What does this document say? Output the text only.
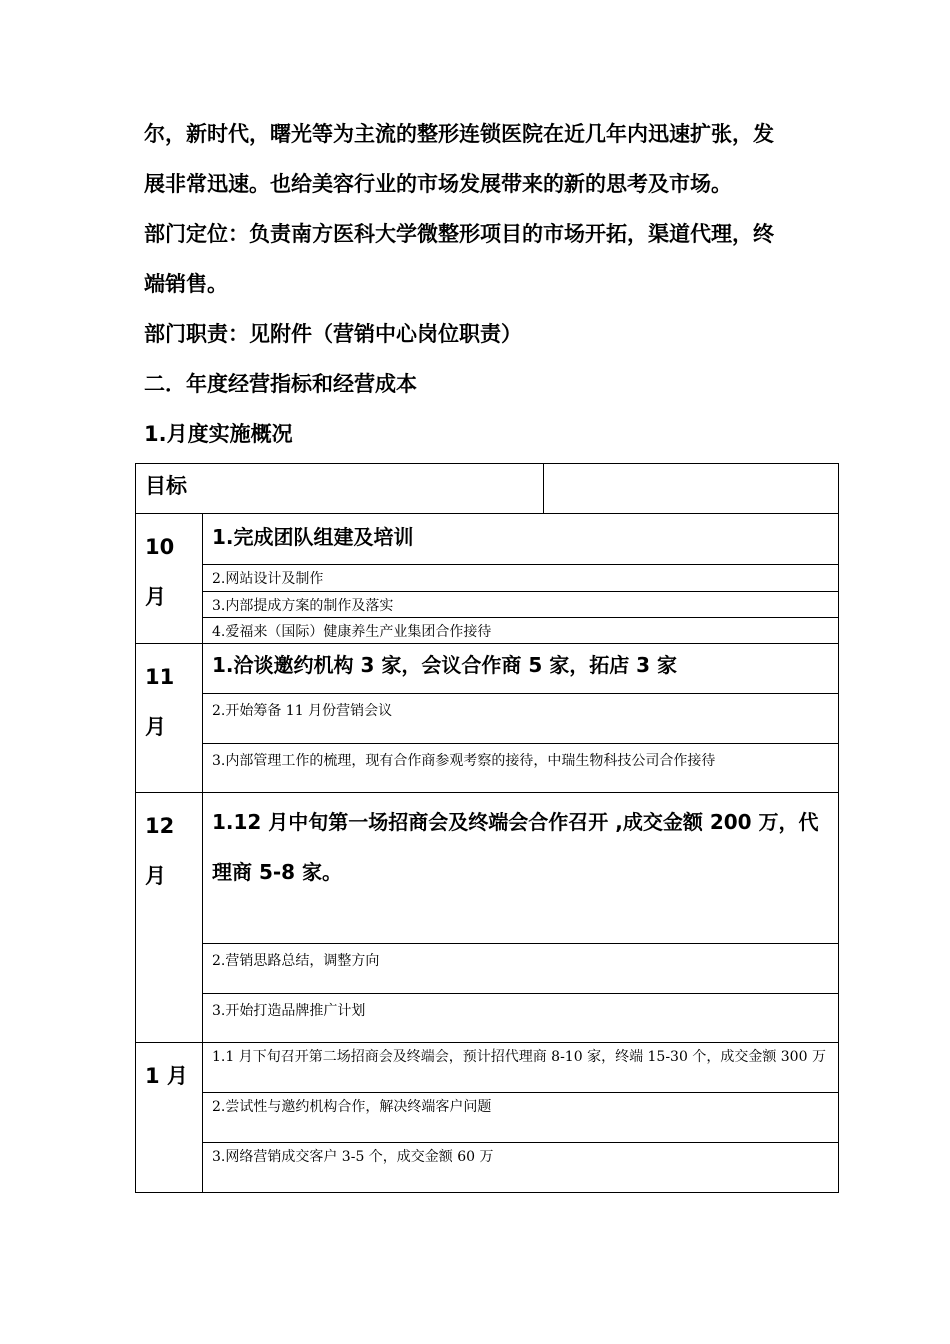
尔，新时代，曙光等为主流的整形连锁医院在近几年内迅速扩张，发
展非常迅速。也给美容行业的市场发展带来的新的思考及市场。
部门定位：负责南方医科大学微整形项目的市场开拓，渠道代理，终
端销售。
部门职责：见附件（营销中心岗位职责）
二．年度经营指标和经营成本
1.月度实施概况
目标		

10
月	1.完成团队组建及培训	
	2.网站设计及制作	
	3.内部提成方案的制作及落实	
	4.爱福来（国际）健康养生产业集团合作接待	

11
月	1.洽谈邀约机构 3 家，会议合作商 5 家，拓店 3 家	
	2.开始筹备 11 月份营销会议	
	3.内部管理工作的梳理，现有合作商参观考察的接待，中瑞生物科技公司合作接待	

12
月	1.12 月中旬第一场招商会及终端会合作召开 ,成交金额 200 万，代理商 5-8 家。	
	2.营销思路总结，调整方向	
	3.开始打造品牌推广计划	

1 月	1.1 月下旬召开第二场招商会及终端会，预计招代理商 8-10 家，终端 15-30 个，成交金额 300 万	
	2.尝试性与邀约机构合作，解决终端客户问题	
	3.网络营销成交客户 3-5 个，成交金额 60 万	
